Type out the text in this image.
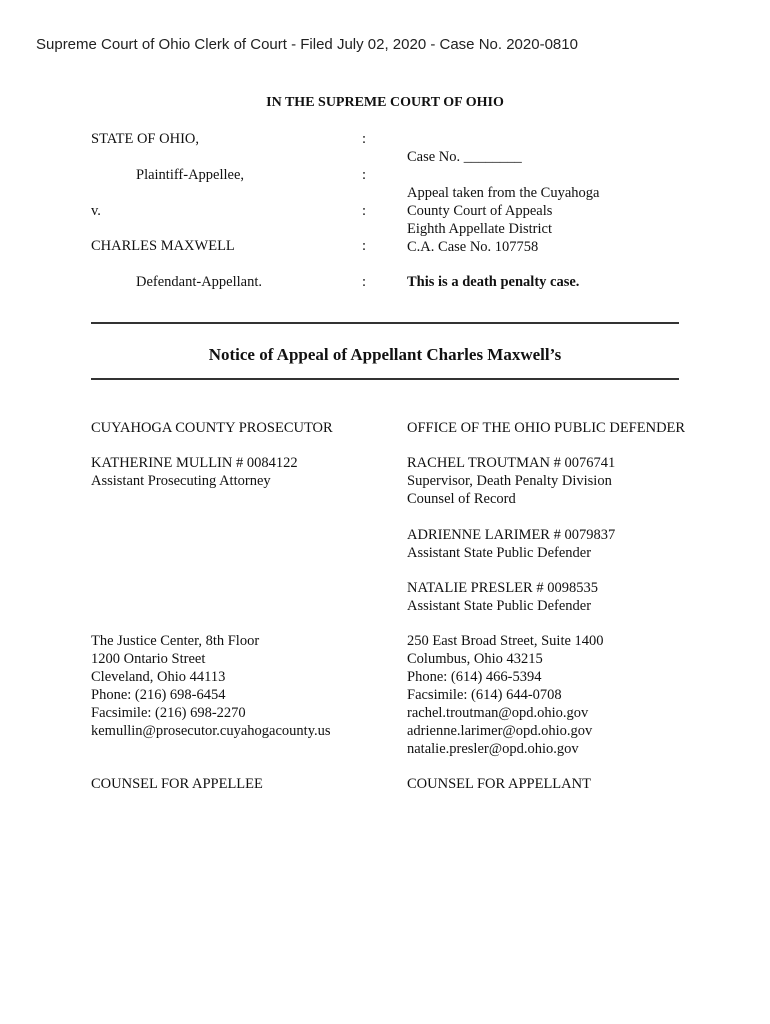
Supreme Court of Ohio Clerk of Court - Filed July 02, 2020 - Case No. 2020-0810
IN THE SUPREME COURT OF OHIO
STATE OF OHIO,
Plaintiff-Appellee,
v.
CHARLES MAXWELL
Defendant-Appellant.
:
:
:
:
:
Case No. ________
Appeal taken from the Cuyahoga
County Court of Appeals
Eighth Appellate District
C.A. Case No. 107758
This is a death penalty case.
Notice of Appeal of Appellant Charles Maxwell’s
CUYAHOGA COUNTY PROSECUTOR
KATHERINE MULLIN # 0084122
Assistant Prosecuting Attorney
The Justice Center, 8th Floor
1200 Ontario Street
Cleveland, Ohio 44113
Phone: (216) 698-6454
Facsimile: (216) 698-2270
kemullin@prosecutor.cuyahogacounty.us
COUNSEL FOR APPELLEE
OFFICE OF THE OHIO PUBLIC DEFENDER
RACHEL TROUTMAN # 0076741
Supervisor, Death Penalty Division
Counsel of Record
ADRIENNE LARIMER # 0079837
Assistant State Public Defender
NATALIE PRESLER # 0098535
Assistant State Public Defender
250 East Broad Street, Suite 1400
Columbus, Ohio 43215
Phone: (614) 466-5394
Facsimile: (614) 644-0708
rachel.troutman@opd.ohio.gov
adrienne.larimer@opd.ohio.gov
natalie.presler@opd.ohio.gov
COUNSEL FOR APPELLANT
